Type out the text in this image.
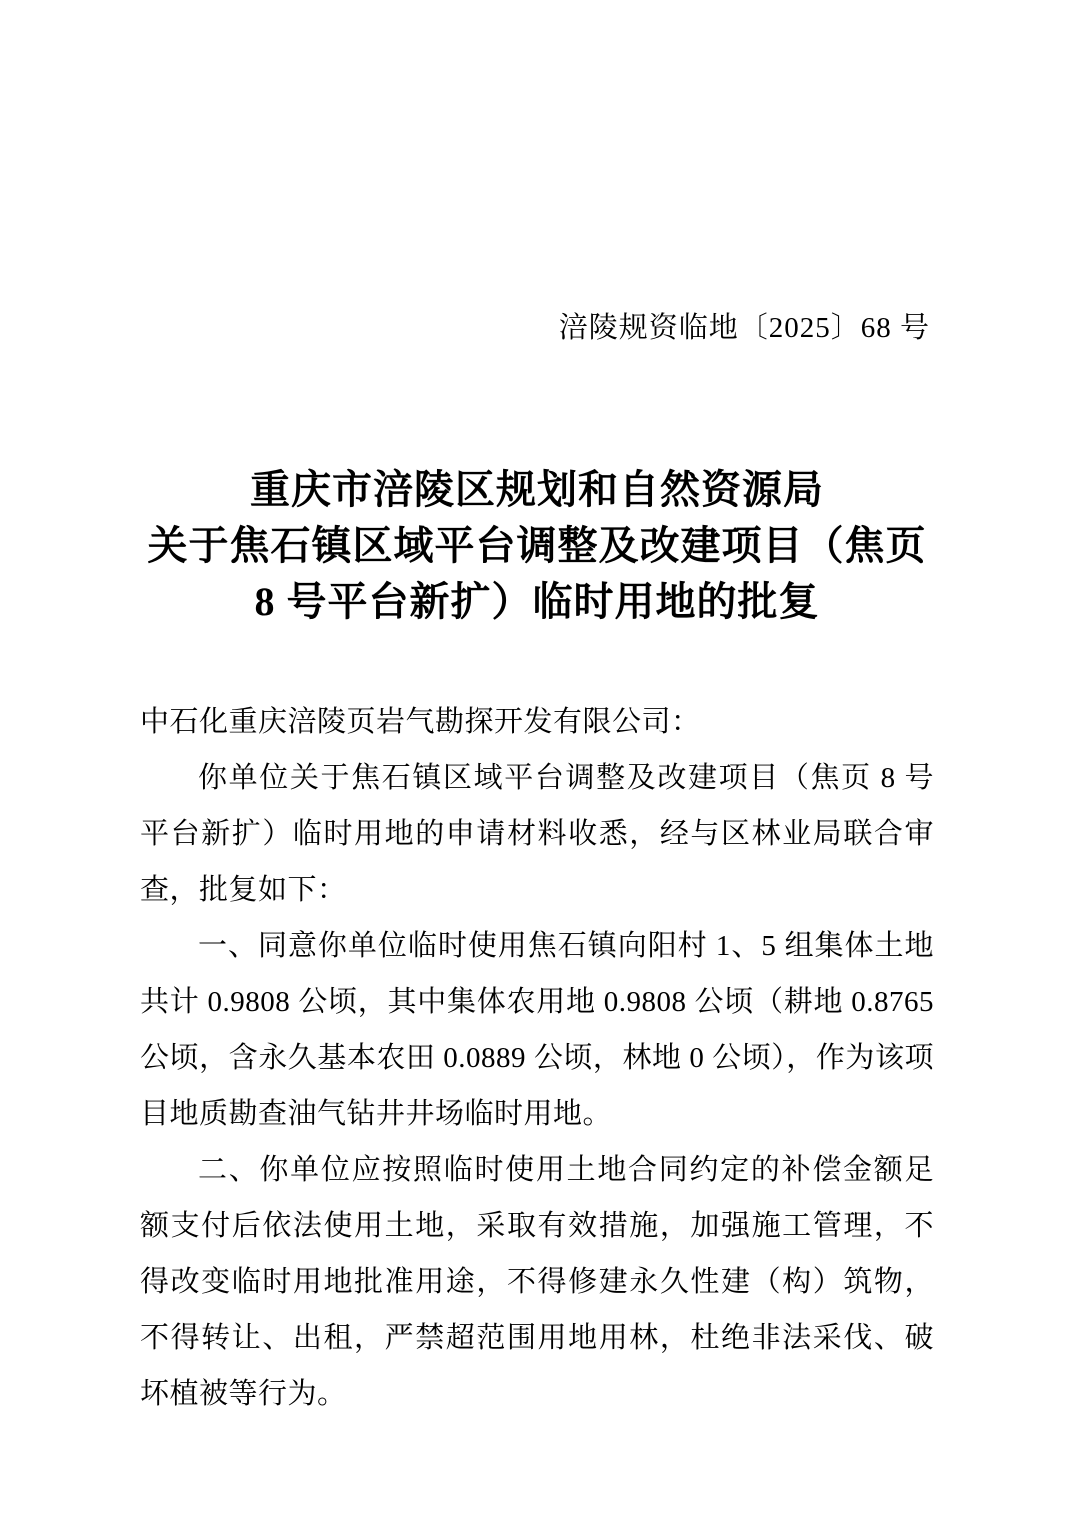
涪陵规资临地〔2025〕68 号
重庆市涪陵区规划和自然资源局
关于焦石镇区域平台调整及改建项目（焦页
8 号平台新扩）临时用地的批复

中石化重庆涪陵页岩气勘探开发有限公司：

你单位关于焦石镇区域平台调整及改建项目（焦页 8 号平台新扩）临时用地的申请材料收悉，经与区林业局联合审查，批复如下：

一、同意你单位临时使用焦石镇向阳村 1、5 组集体土地共计 0.9808 公顷，其中集体农用地 0.9808 公顷（耕地 0.8765 公顷，含永久基本农田 0.0889 公顷，林地 0 公顷），作为该项目地质勘查油气钻井井场临时用地。

二、你单位应按照临时使用土地合同约定的补偿金额足额支付后依法使用土地，采取有效措施，加强施工管理，不得改变临时用地批准用途，不得修建永久性建（构）筑物，不得转让、出租，严禁超范围用地用林，杜绝非法采伐、破坏植被等行为。
